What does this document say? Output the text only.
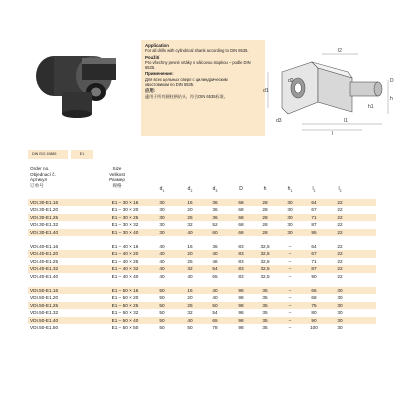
Application
For all drills with cylindrical shank according to DIN 6535.
Použití
Pro všechny pevné vrtáky s válcovou stopkou – podle DIN 6535.
Применение:
Для всех цельных сверл с цилиндрическим
хвостовиком по DIN 6535.
应用:
適用于所有圓柱柄钻头，符合DIN 6535标准。
d1
d3
d2
l2
l1
l
h
D
h1
DIN ISO 10889	E1
Order no.
Objednací č.
Артикул
订单号
Size
Velikost
Размер
规格
$d_1$	$d_2$	$d_3$	D	h	$h_1$	$l_1$	$l_2$
VDI.30-E1.16	E1 – 30 × 16	30	16	36	68	28	30	64	22
VDI.30-E1.20	E1 – 30 × 20	30	20	36	68	28	30	67	22
VDI.30-E1.25	E1 – 30 × 25	30	25	36	68	28	30	71	22
VDI.30-E1.32	E1 – 30 × 32	30	32	52	68	28	30	87	22
VDI.30-E1.40	E1 – 30 × 40	30	40	60	68	28	30	95	22
VDI.40-E1.16	E1 – 40 × 16	40	16	36	83	32,5	–	64	22
VDI.40-E1.20	E1 – 40 × 20	40	20	40	83	32,5	–	67	22
VDI.40-E1.25	E1 – 40 × 25	40	25	46	83	32,5	–	71	22
VDI.40-E1.32	E1 – 40 × 32	40	32	54	83	32,5	–	87	22
VDI.40-E1.40	E1 – 40 × 40	40	40	65	83	32,5	–	90	22
VDI.50-E1.16	E1 – 50 × 16	50	16	40	98	35	–	66	30
VDI.50-E1.20	E1 – 50 × 20	50	20	40	98	35	–	68	30
VDI.50-E1.25	E1 – 50 × 25	50	25	50	98	35	–	75	30
VDI.50-E1.32	E1 – 50 × 32	50	32	54	98	35	–	80	30
VDI.50-E1.40	E1 – 50 × 40	50	40	65	98	35	–	90	30
VDI.50-E1.50	E1 – 50 × 50	50	50	78	98	35	–	100	30
